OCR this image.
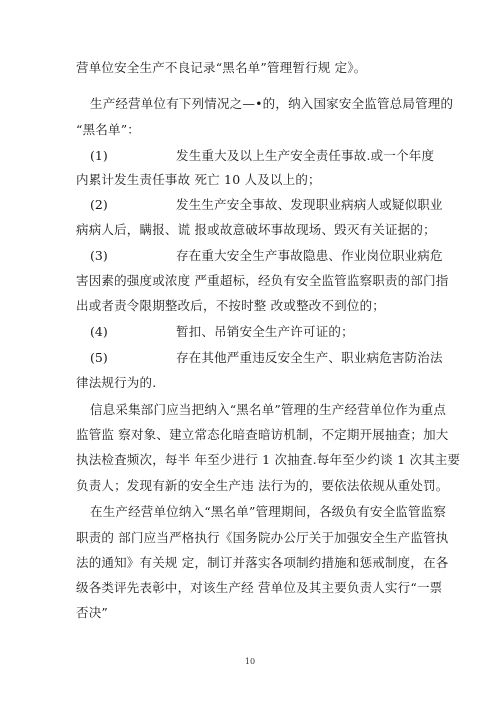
营单位安全生产不良记录“黑名单”管理暂行规 定》。
生产经营单位有下列情况之—•的，纳入国家安全监管总局管理的
“黑名单”：
(1)	发生重大及以上生产安全责任事故.或一个年度
内累计发生责任事故 死亡 10 人及以上的；
(2)	发生生产安全事故、发现职业病病人或疑似职业
病病人后，瞒报、谎 报或故意破坏事故现场、毁灭有关证据的；
(3)	存在重大安全生产事故隐患、作业岗位职业病危
害因素的强度或浓度 严重超标，经负有安全监管监察职责的部门指
出或者责令限期整改后，不按时整 改或整改不到位的；
(4)	暂扣、吊销安全生产许可证的；
(5)	存在其他严重违反安全生产、职业病危害防治法
律法规行为的.
信息采集部门应当把纳入“黑名单”管理的生产经营单位作为重点
监管监 察对象、建立常态化暗查暗访机制，不定期开展抽查；加大
执法检査频次，每半 年至少进行 1 次抽査.每年至少约谈 1 次其主要
负责人；发现有新的安全生产违 法行为的，要依法依规从重处罚。
在生产经营单位纳入“黑名单”管理期间，各级负有安全监管监察
职责的 部门应当严格执行《国务院办公厅关于加强安全生产监管执
法的通知》有关规 定，制订并落实各项制约措施和惩戒制度，在各
级各类评先表彰中，对该生产经 营单位及其主要负责人实行“一票
否决”
10
